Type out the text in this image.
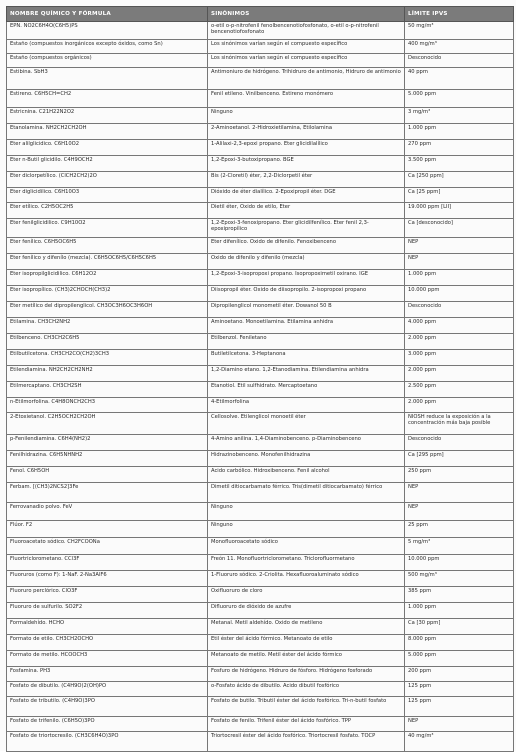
NOMBRE QUÍMICO Y FÓRMULA	SINÓNIMOS	LÍMITE IPVS
EPN. NO2C6H4O(C6H5)PS	o-etil o-p-nitrofenil fenolbencenotiofosfonato, o-etil o-p-nitrofenil bencenotiofosfonato	50 mg/m³
Estaño (compuestos inorgánicos excepto óxidos, como Sn)	Los sinónimos varían según el compuesto específico	400 mg/m³
Estaño (compuestos orgánicos)	Los sinónimos varían según el compuesto específico	Desconocido
Estibina. SbH3	Antimoniuro de hidrógeno. Trihidruro de antimonio, Hidruro de antimonio	40 ppm
Estireno. C6H5CH=CH2	Fenil etileno. Vinilbenceno. Estireno monómero	5.000 ppm
Estricnina. C21H22N2O2	Ninguno	3 mg/m³
Etanolamina. NH2CH2CH2OH	2-Aminoetanol. 2-Hidroxietilamina, Etilolamina	1.000 ppm
Eter alilglicidico. C6H10O2	1-Alilaxi-2,3-epoxi propano. Eter glicidilalílico	270 ppm
Eter n-Butil glicidilo. C4H9OCH2	1,2-Epoxi-3-butoxipropano. BGE	3.500 ppm
Eter diclorpetílico. (ClCH2CH2)2O	Bis (2-Cloretil) éter, 2,2-Diclorpetil éter	Ca [250 ppm]
Eter diglicidilico. C6H10O3	Dióxido de éter dialílico. 2-Epoxipropil éter. DGE	Ca [25 ppm]
Eter etílico. C2H5OC2H5	Dietil éter, Oxido de etilo, Eter	19.000 ppm [LII]
Eter fenilglicidilico. C9H10O2	1,2-Epoxi-3-fenoxipropano. Eter glicidilfenílico. Eter fenil 2,3-epoxipropílico	Ca [desconocido]
Eter fenílico. C6H5OC6H5	Eter difenílico. Oxido de difenilo. Fenoxibenceno	NEP
Eter fenílico y difenílo (mezcla). C6H5OC6H5/C6H5C6H5	Oxido de difenilo y difenilo (mezcla)	NEP
Eter isopropilglicidilico. C6H12O2	1,2-Epoxi-3-isopropoxi propano. Isopropoximetil oxirano. IGE	1.000 ppm
Eter isopropílico. (CH3)2CHOCH(CH3)2	Diisopropil éter. Oxido de diisopropilo. 2-isopropoxi propano	10.000 ppm
Eter metílico del dipropilenglicol. CH3OC3H6OC3H6OH	Dipropilenglicol monometil éter. Dowanol 50 B	Desconocido
Etilamina. CH3CH2NH2	Aminoetano. Monoetilamina. Etilamina anhidra	4.000 ppm
Etilbenceno. CH3CH2C6H5	Etilbenzol. Feniletano	2.000 ppm
Etilbutilcetona. CH3CH2CO(CH2)3CH3	Butiletilcetona. 3-Heptanona	3.000 ppm
Etilendiamina. NH2CH2CH2NH2	1,2-Diamino etano. 1,2-Etanodiamina. Etilendiamina anhidra	2.000 ppm
Etilmercaptano. CH3CH2SH	Etanotiol. Etil sulfhidrato. Mercaptoetano	2.500 ppm
n-Etilmorfolina. C4H8ONCH2CH3	4-Etilmorfolina	2.000 ppm
2-Etoxietanol. C2H5OCH2CH2OH	Cellosolve. Etilenglicol monoetil éter	NIOSH reduce la exposición a la concentración más baja posible
p-Fenilendiamina. C6H4(NH2)2	4-Amino anilina. 1,4-Diaminobenceno. p-Diaminobenceno	Desconocido
Fenilhidrazina. C6H5NHNH2	Hidrazinobenceno. Monofenilhidrazina	Ca [295 ppm]
Fenol. C6H5OH	Acido carbólico. Hidroxibenceno. Fenil alcohol	250 ppm
Ferbam. [(CH3)2NCS2]3Fe	Dimetil ditiocarbamato férrico. Tris(dimetil ditiocarbamato) férrico	NEP
Ferrovanadio polvo. FeV	Ninguno	NEP
Flúor. F2	Ninguno	25 ppm
Fluoroacetato sódico. CH2FCOONa	Monofluoroacetato sódico	5 mg/m³
Fluortriclorometano. CCl3F	Freón 11. Monofluortriclorometano. Triclorofluormetano	10.000 ppm
Fluoruros (como F): 1-NaF. 2-Na3AlF6	1-Fluoruro sódico. 2-Criolita. Hexafluoroaluminato sódico	500 mg/m³
Fluoruro perclórico. ClO3F	Oxifluoruro de cloro	385 ppm
Fluoruro de sulfurilo. SO2F2	Difluoruro de dióxido de azufre	1.000 ppm
Formaldehído. HCHO	Metanal. Metil aldehído. Oxido de metileno	Ca [30 ppm]
Formato de etilo. CH3CH2OCHO	Etil éster del ácido fórmico. Metanoato de etilo	8.000 ppm
Formato de metilo. HCOOCH3	Metanoato de metilo. Metil éster del ácido fórmico	5.000 ppm
Fosfamina. PH3	Fosfuro de hidrógeno. Hidruro de fósforo. Hidrógeno fosforado	200 ppm
Fosfato de dibutilo. (C4H9O)2(OH)PO	o-Fosfato ácido de dibutilo. Acido dibutil fosfórico	125 ppm
Fosfato de tributilo. (C4H9O)3PO	Fosfato de butilo. Tributil éster del ácido fosfórico. Tri-n-butil fosfato	125 ppm
Fosfato de trifenilo. (C6H5O)3PO	Fosfato de fenilo. Trifenil éster del ácido fosfórico. TPP	NEP
Fosfato de triortocresilo. (CH3C6H4O)3PO	Triortocresil éster del ácido fosfórico. Triortocresil fosfato. TOCP	40 mg/m³
